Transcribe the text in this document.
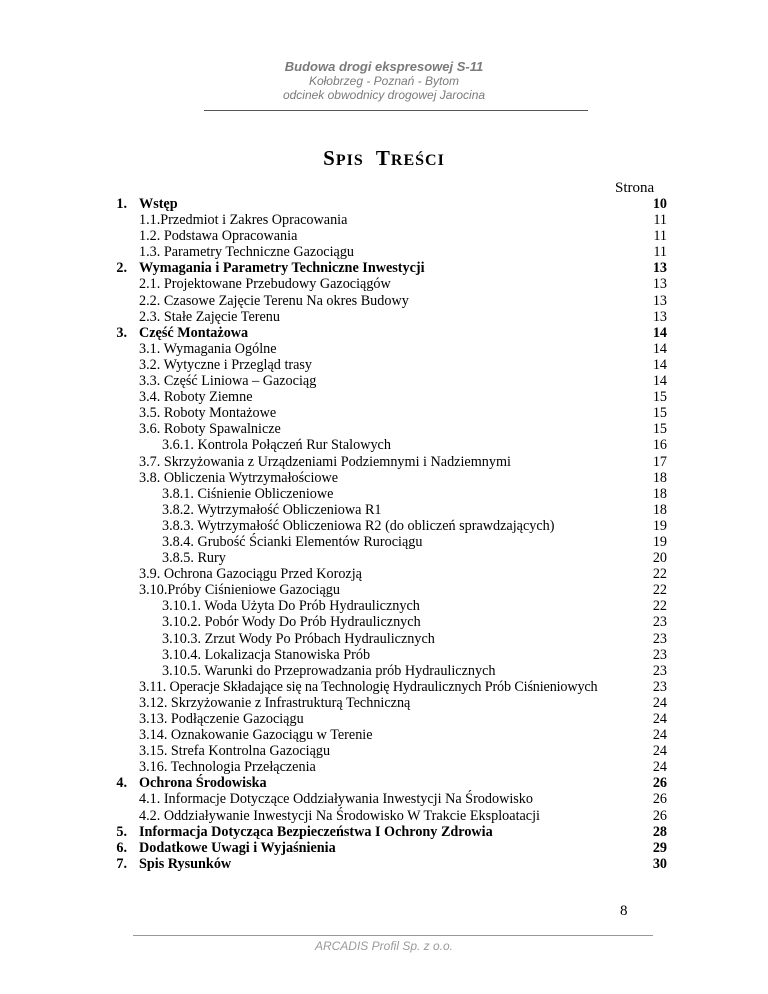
Budowa drogi ekspresowej S-11
Kołobrzeg - Poznań - Bytom
odcinek obwodnicy drogowej Jarocina
SPIS TREŚCI
Strona
1. Wstęp	10
1.1.Przedmiot i Zakres Opracowania	11
1.2. Podstawa Opracowania	11
1.3. Parametry Techniczne Gazociągu	11
2. Wymagania i Parametry Techniczne Inwestycji	13
2.1. Projektowane Przebudowy Gazociągów	13
2.2. Czasowe Zajęcie Terenu Na okres Budowy	13
2.3. Stałe Zajęcie Terenu	13
3. Część Montażowa	14
3.1. Wymagania Ogólne	14
3.2. Wytyczne i Przegląd trasy	14
3.3. Część Liniowa – Gazociąg	14
3.4. Roboty Ziemne	15
3.5. Roboty Montażowe	15
3.6. Roboty Spawalnicze	15
3.6.1. Kontrola Połączeń Rur Stalowych	16
3.7. Skrzyżowania z Urządzeniami Podziemnymi i Nadziemnymi	17
3.8. Obliczenia Wytrzymałościowe	18
3.8.1. Ciśnienie Obliczeniowe	18
3.8.2. Wytrzymałość Obliczeniowa R1	18
3.8.3. Wytrzymałość Obliczeniowa R2 (do obliczeń sprawdzających)	19
3.8.4. Grubość Ścianki Elementów Rurociągu	19
3.8.5. Rury	20
3.9. Ochrona Gazociągu Przed Korozją	22
3.10.Próby Ciśnieniowe Gazociągu	22
3.10.1. Woda Użyta Do Prób Hydraulicznych	22
3.10.2. Pobór Wody Do Prób Hydraulicznych	23
3.10.3. Zrzut Wody Po Próbach Hydraulicznych	23
3.10.4. Lokalizacja Stanowiska Prób	23
3.10.5. Warunki do Przeprowadzania prób Hydraulicznych	23
3.11. Operacje Składające się na Technologię Hydraulicznych Prób Ciśnieniowych	23
3.12. Skrzyżowanie z Infrastrukturą Techniczną	24
3.13. Podłączenie Gazociągu	24
3.14. Oznakowanie Gazociągu w Terenie	24
3.15. Strefa Kontrolna Gazociągu	24
3.16. Technologia Przełączenia	24
4. Ochrona Środowiska	26
4.1. Informacje Dotyczące Oddziaływania Inwestycji Na Środowisko	26
4.2. Oddziaływanie Inwestycji Na Środowisko W Trakcie Eksploatacji	26
5. Informacja Dotycząca Bezpieczeństwa I Ochrony Zdrowia	28
6. Dodatkowe Uwagi i Wyjaśnienia	29
7. Spis Rysunków	30
8
ARCADIS Profil Sp. z o.o.
